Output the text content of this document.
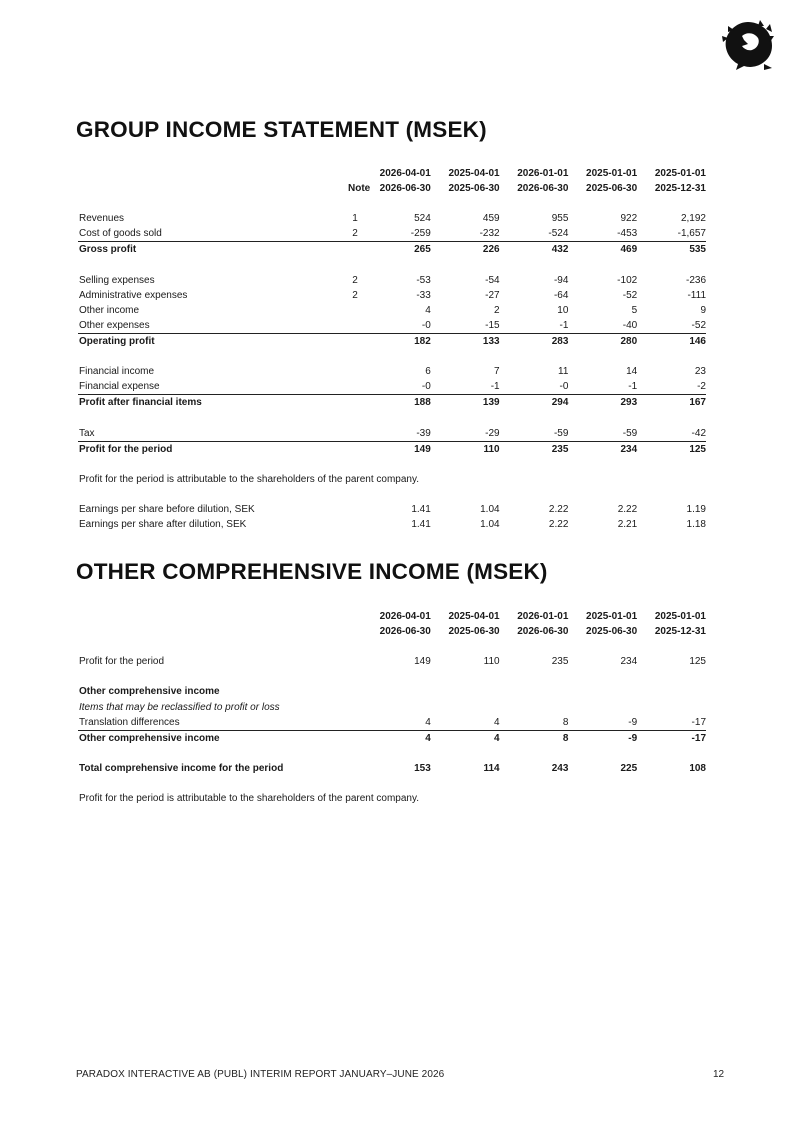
GROUP INCOME STATEMENT (MSEK)
		2026-04-01	2025-04-01	2026-01-01	2025-01-01	2025-01-01
	Note	2026-06-30	2025-06-30	2026-06-30	2025-06-30	2025-12-31

Revenues	1	524	459	955	922	2,192
Cost of goods sold	2	-259	-232	-524	-453	-1,657
Gross profit		265	226	432	469	535

Selling expenses	2	-53	-54	-94	-102	-236
Administrative expenses	2	-33	-27	-64	-52	-111
Other income		4	2	10	5	9
Other expenses		-0	-15	-1	-40	-52
Operating profit		182	133	283	280	146

Financial income		6	7	11	14	23
Financial expense		-0	-1	-0	-1	-2
Profit after financial items		188	139	294	293	167

Tax		-39	-29	-59	-59	-42
Profit for the period		149	110	235	234	125

Profit for the period is attributable to the shareholders of the parent company.						

Earnings per share before dilution, SEK		1.41	1.04	2.22	2.22	1.19
Earnings per share after dilution, SEK		1.41	1.04	2.22	2.21	1.18
OTHER COMPREHENSIVE INCOME (MSEK)
		2026-04-01	2025-04-01	2026-01-01	2025-01-01	2025-01-01
		2026-06-30	2025-06-30	2026-06-30	2025-06-30	2025-12-31

Profit for the period		149	110	235	234	125

Other comprehensive income						
Items that may be reclassified to profit or loss						
Translation differences		4	4	8	-9	-17
Other comprehensive income		4	4	8	-9	-17

Total comprehensive income for the period		153	114	243	225	108

Profit for the period is attributable to the shareholders of the parent company.						
PARADOX INTERACTIVE AB (PUBL) INTERIM REPORT JANUARY–JUNE 2026	12
